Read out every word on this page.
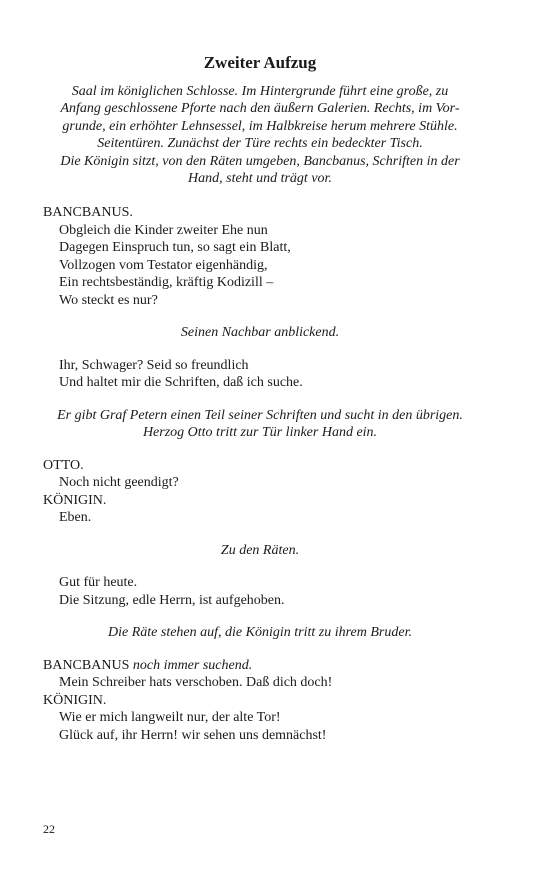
Zweiter Aufzug

Saal im königlichen Schlosse. Im Hintergrunde führt eine große, zu

Anfang geschlossene Pforte nach den äußern Galerien. Rechts, im Vor-

grunde, ein erhöhter Lehnsessel, im Halbkreise herum mehrere Stühle.

Seitentüren. Zunächst der Türe rechts ein bedeckter Tisch.

Die Königin sitzt, von den Räten umgeben, Bancbanus, Schriften in der

Hand, steht und trägt vor.

BANCBANUS.

Obgleich die Kinder zweiter Ehe nun

Dagegen Einspruch tun, so sagt ein Blatt,

Vollzogen vom Testator eigenhändig,

Ein rechtsbeständig, kräftig Kodizill –

Wo steckt es nur?

Seinen Nachbar anblickend.

Ihr, Schwager? Seid so freundlich

Und haltet mir die Schriften, daß ich suche.

Er gibt Graf Petern einen Teil seiner Schriften und sucht in den übrigen.

Herzog Otto tritt zur Tür linker Hand ein.

OTTO.

Noch nicht geendigt?

KÖNIGIN.

Eben.

Zu den Räten.

Gut für heute.

Die Sitzung, edle Herrn, ist aufgehoben.

Die Räte stehen auf, die Königin tritt zu ihrem Bruder.

BANCBANUS noch immer suchend.

Mein Schreiber hats verschoben. Daß dich doch!

KÖNIGIN.

Wie er mich langweilt nur, der alte Tor!

Glück auf, ihr Herrn! wir sehen uns demnächst!

22
